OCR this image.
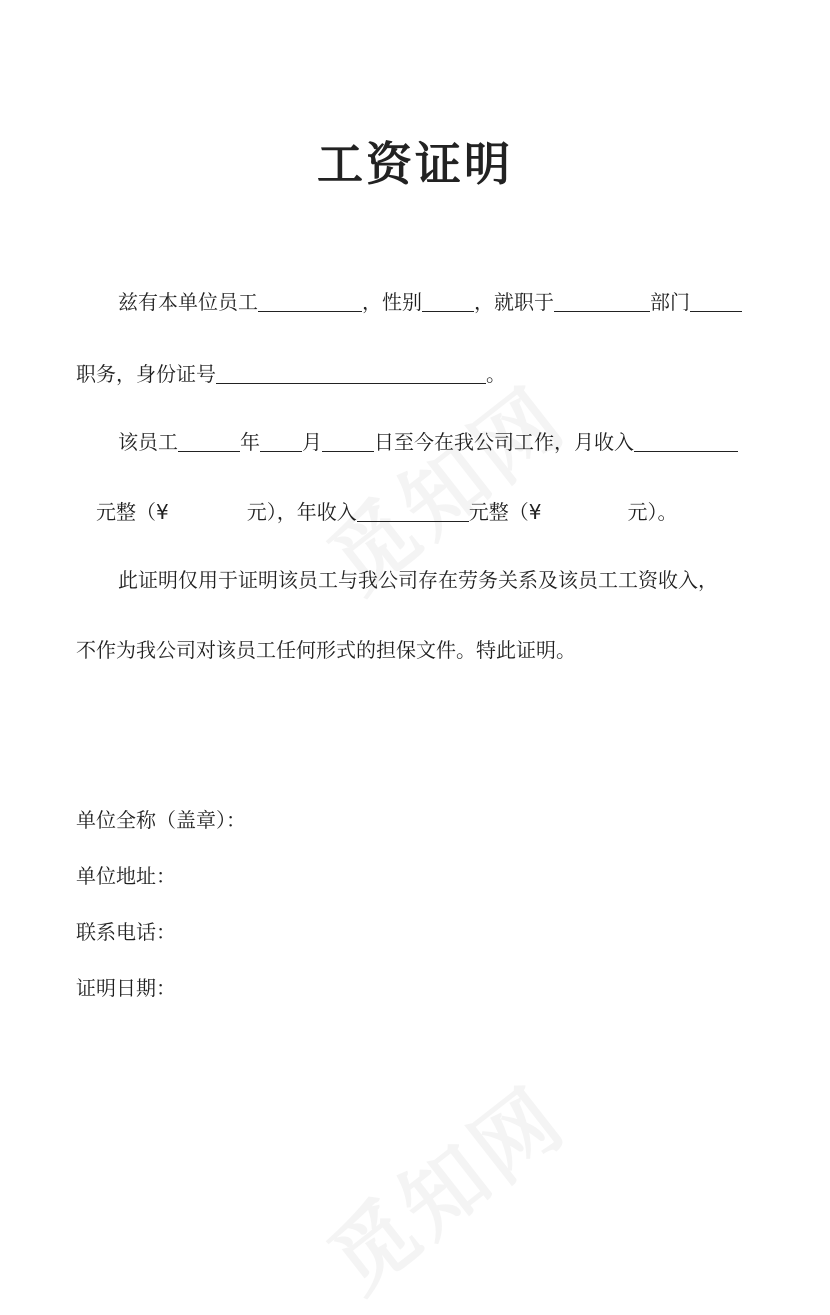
工资证明
兹有本单位员工	，性别	，就职于	部门
职务，身份证号	。
该员工	年 月	日至今在我公司工作，月收入
元整（¥	元），年收入	元整（¥	元）。
此证明仅用于证明该员工与我公司存在劳务关系及该员工工资收入，
不作为我公司对该员工任何形式的担保文件。特此证明。
单位全称（盖章）：
单位地址：
联系电话：
证明日期：
